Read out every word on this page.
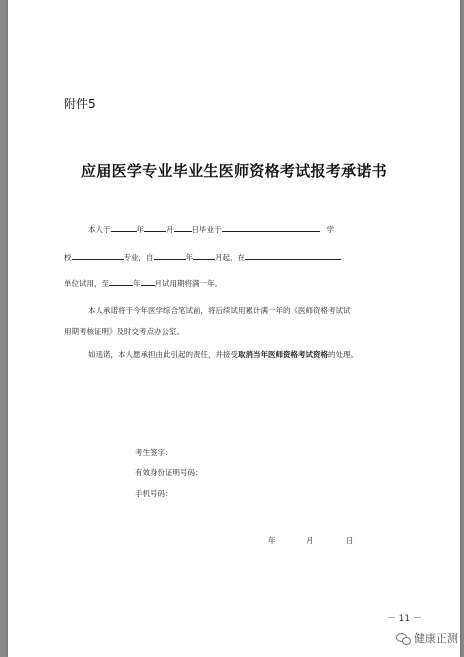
附件5
应届医学专业毕业生医师资格考试报考承诺书
本人于	年	月 日毕业于	学
校	专业，自	年	月起，在
单位试用，至	年 月试用期将满一年。
本人承诺将于今年医学综合笔试前，将后续试用累计满一年的《医师资格考试试
用期考核证明》及时交考点办公室。
如违诺，本人愿承担由此引起的责任，并接受取消当年医师资格考试资格的处理。
考生签字：
有效身份证明号码：
手机号码：
年	月	日
－ 11 －
健康正测
